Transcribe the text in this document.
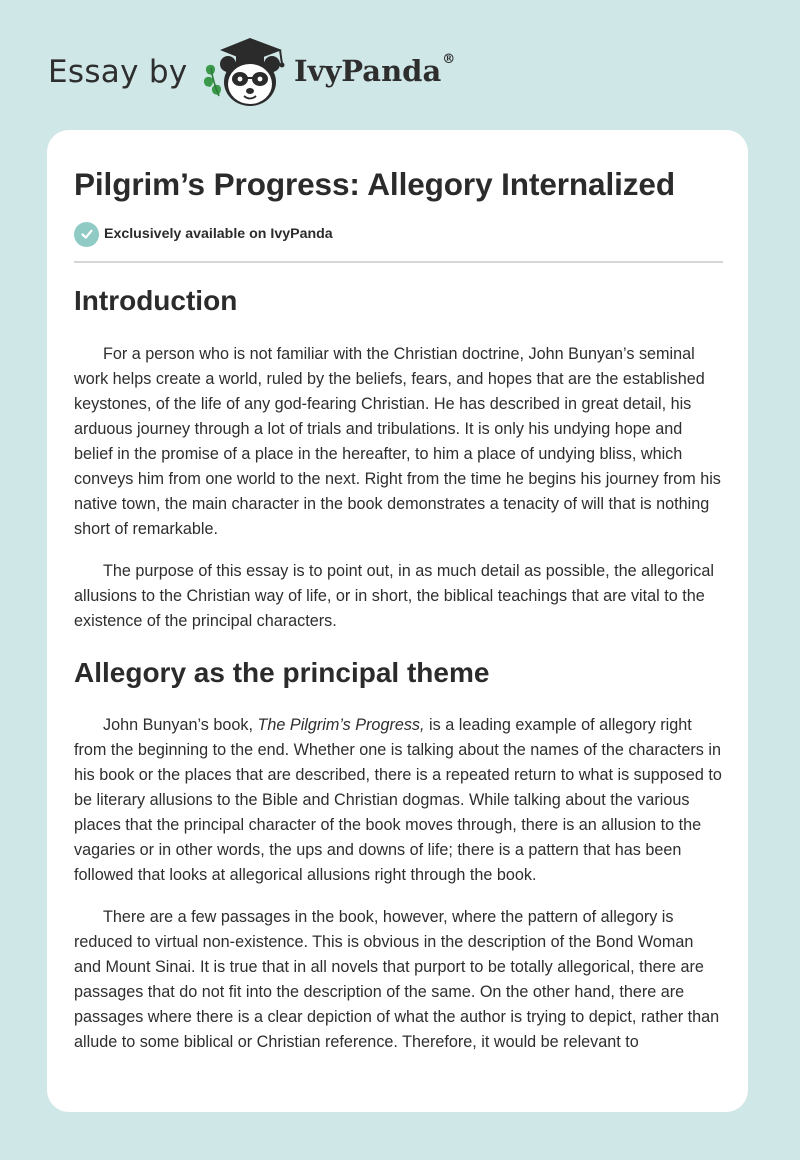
Essay by	IvyPanda®
Pilgrim’s Progress: Allegory Internalized
Exclusively available on IvyPanda
Introduction

For a person who is not familiar with the Christian doctrine, John Bunyan’s seminal work helps create a world, ruled by the beliefs, fears, and hopes that are the established keystones, of the life of any god-fearing Christian. He has described in great detail, his arduous journey through a lot of trials and tribulations. It is only his undying hope and belief in the promise of a place in the hereafter, to him a place of undying bliss, which conveys him from one world to the next. Right from the time he begins his journey from his native town, the main character in the book demonstrates a tenacity of will that is nothing short of remarkable.

The purpose of this essay is to point out, in as much detail as possible, the allegorical allusions to the Christian way of life, or in short, the biblical teachings that are vital to the existence of the principal characters.

Allegory as the principal theme

John Bunyan’s book, The Pilgrim’s Progress, is a leading example of allegory right from the beginning to the end. Whether one is talking about the names of the characters in his book or the places that are described, there is a repeated return to what is supposed to be literary allusions to the Bible and Christian dogmas. While talking about the various places that the principal character of the book moves through, there is an allusion to the vagaries or in other words, the ups and downs of life; there is a pattern that has been followed that looks at allegorical allusions right through the book.

There are a few passages in the book, however, where the pattern of allegory is reduced to virtual non-existence. This is obvious in the description of the Bond Woman and Mount Sinai. It is true that in all novels that purport to be totally allegorical, there are passages that do not fit into the description of the same. On the other hand, there are passages where there is a clear depiction of what the author is trying to depict, rather than allude to some biblical or Christian reference. Therefore, it would be relevant to
